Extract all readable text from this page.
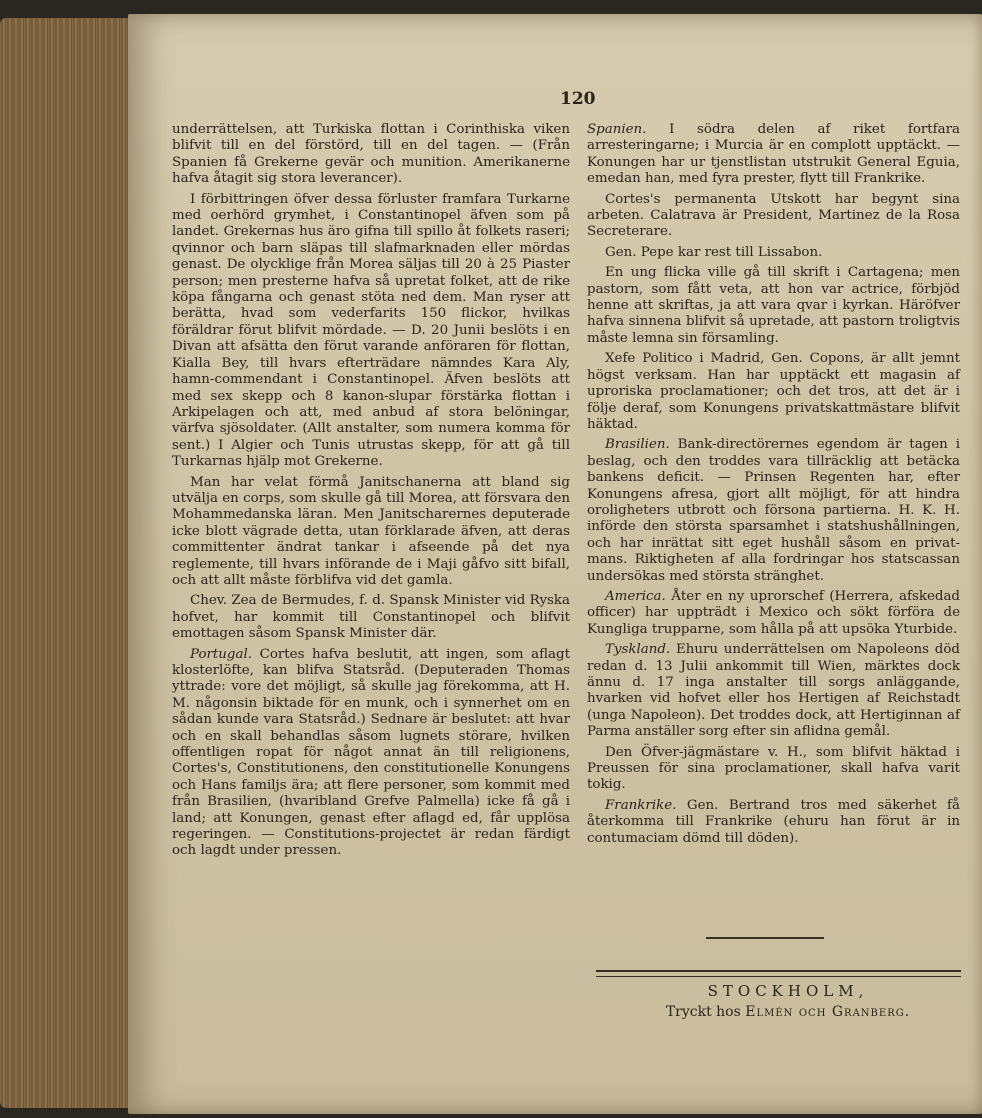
120

underrättelsen, att Turkiska flottan i Corinthiska viken blifvit till en del förstörd, till en del tagen. — (Från Spanien få Grekerne gevär och munition. Amerikanerne hafva åtagit sig stora leverancer).

I förbittringen öfver dessa förluster framfara Turkarne med oerhörd grymhet, i Constantinopel äfven som på landet. Grekernas hus äro gifna till spillo åt folkets raseri; qvinnor och barn släpas till slafmarknaden eller mördas genast. De olycklige från Morea säljas till 20 à 25 Piaster person; men presterne hafva så upretat folket, att de rike köpa fångarna och genast stöta ned dem. Man ryser att berätta, hvad som vederfarits 150 flickor, hvilkas föräldrar förut blifvit mördade. — D. 20 Junii beslöts i en Divan att afsätta den förut varande anföraren för flottan, Kialla Bey, till hvars efterträdare nämndes Kara Aly, hamn-commendant i Constantinopel. Äfven beslöts att med sex skepp och 8 kanon-slupar förstärka flottan i Arkipelagen och att, med anbud af stora belöningar, värfva sjösoldater. (Allt anstalter, som numera komma för sent.) I Algier och Tunis utrustas skepp, för att gå till Turkarnas hjälp mot Grekerne.

Man har velat förmå Janitschanerna att bland sig utvälja en corps, som skulle gå till Morea, att försvara den Mohammedanska läran. Men Janitscharernes deputerade icke blott vägrade detta, utan förklarade äfven, att deras committenter ändrat tankar i afseende på det nya reglemente, till hvars införande de i Maji gåfvo sitt bifall, och att allt måste förblifva vid det gamla.

Chev. Zea de Bermudes, f. d. Spansk Minister vid Ryska hofvet, har kommit till Constantinopel och blifvit emottagen såsom Spansk Minister där.

Portugal. Cortes hafva beslutit, att ingen, som aflagt klosterlöfte, kan blifva Statsråd. (Deputeraden Thomas yttrade: vore det möjligt, så skulle jag förekomma, att H. M. någonsin biktade för en munk, och i synnerhet om en sådan kunde vara Statsråd.) Sednare är beslutet: att hvar och en skall behandlas såsom lugnets störare, hvilken offentligen ropat för något annat än till religionens, Cortes's, Constitutionens, den constitutionelle Konungens och Hans familjs ära; att flere personer, som kommit med från Brasilien, (hvaribland Grefve Palmella) icke få gå i land; att Konungen, genast efter aflagd ed, får upplösa regeringen. — Constitutions-projectet är redan färdigt och lagdt under pressen.

Spanien. I södra delen af riket fortfara arresteringarne; i Murcia är en complott upptäckt. — Konungen har ur tjenstlistan utstrukit General Eguia, emedan han, med fyra prester, flytt till Frankrike.

Cortes's permanenta Utskott har begynt sina arbeten. Calatrava är President, Martinez de la Rosa Secreterare.

Gen. Pepe kar rest till Lissabon.

En ung flicka ville gå till skrift i Cartagena; men pastorn, som fått veta, att hon var actrice, förbjöd henne att skriftas, ja att vara qvar i kyrkan. Häröfver hafva sinnena blifvit så upretade, att pastorn troligtvis måste lemna sin församling.

Xefe Politico i Madrid, Gen. Copons, är allt jemnt högst verksam. Han har upptäckt ett magasin af uproriska proclamationer; och det tros, att det är i följe deraf, som Konungens privatskattmästare blifvit häktad.

Brasilien. Bank-directörernes egendom är tagen i beslag, och den troddes vara tillräcklig att betäcka bankens deficit. — Prinsen Regenten har, efter Konungens afresa, gjort allt möjligt, för att hindra oroligheters utbrott och försona partierna. H. K. H. införde den största sparsamhet i statshushållningen, och har inrättat sitt eget hushåll såsom en privat-mans. Riktigheten af alla fordringar hos statscassan undersökas med största stränghet.

America. Åter en ny uprorschef (Herrera, afskedad officer) har uppträdt i Mexico och sökt förföra de Kungliga trupparne, som hålla på att upsöka Yturbide.

Tyskland. Ehuru underrättelsen om Napoleons död redan d. 13 Julii ankommit till Wien, märktes dock ännu d. 17 inga anstalter till sorgs anläggande, hvarken vid hofvet eller hos Hertigen af Reichstadt (unga Napoleon). Det troddes dock, att Hertiginnan af Parma anställer sorg efter sin aflidna gemål.

Den Öfver-jägmästare v. H., som blifvit häktad i Preussen för sina proclamationer, skall hafva varit tokig.

Frankrike. Gen. Bertrand tros med säkerhet få återkomma till Frankrike (ehuru han förut är in contumaciam dömd till döden).

STOCKHOLM,
Tryckt hos Elmén och Granberg.
